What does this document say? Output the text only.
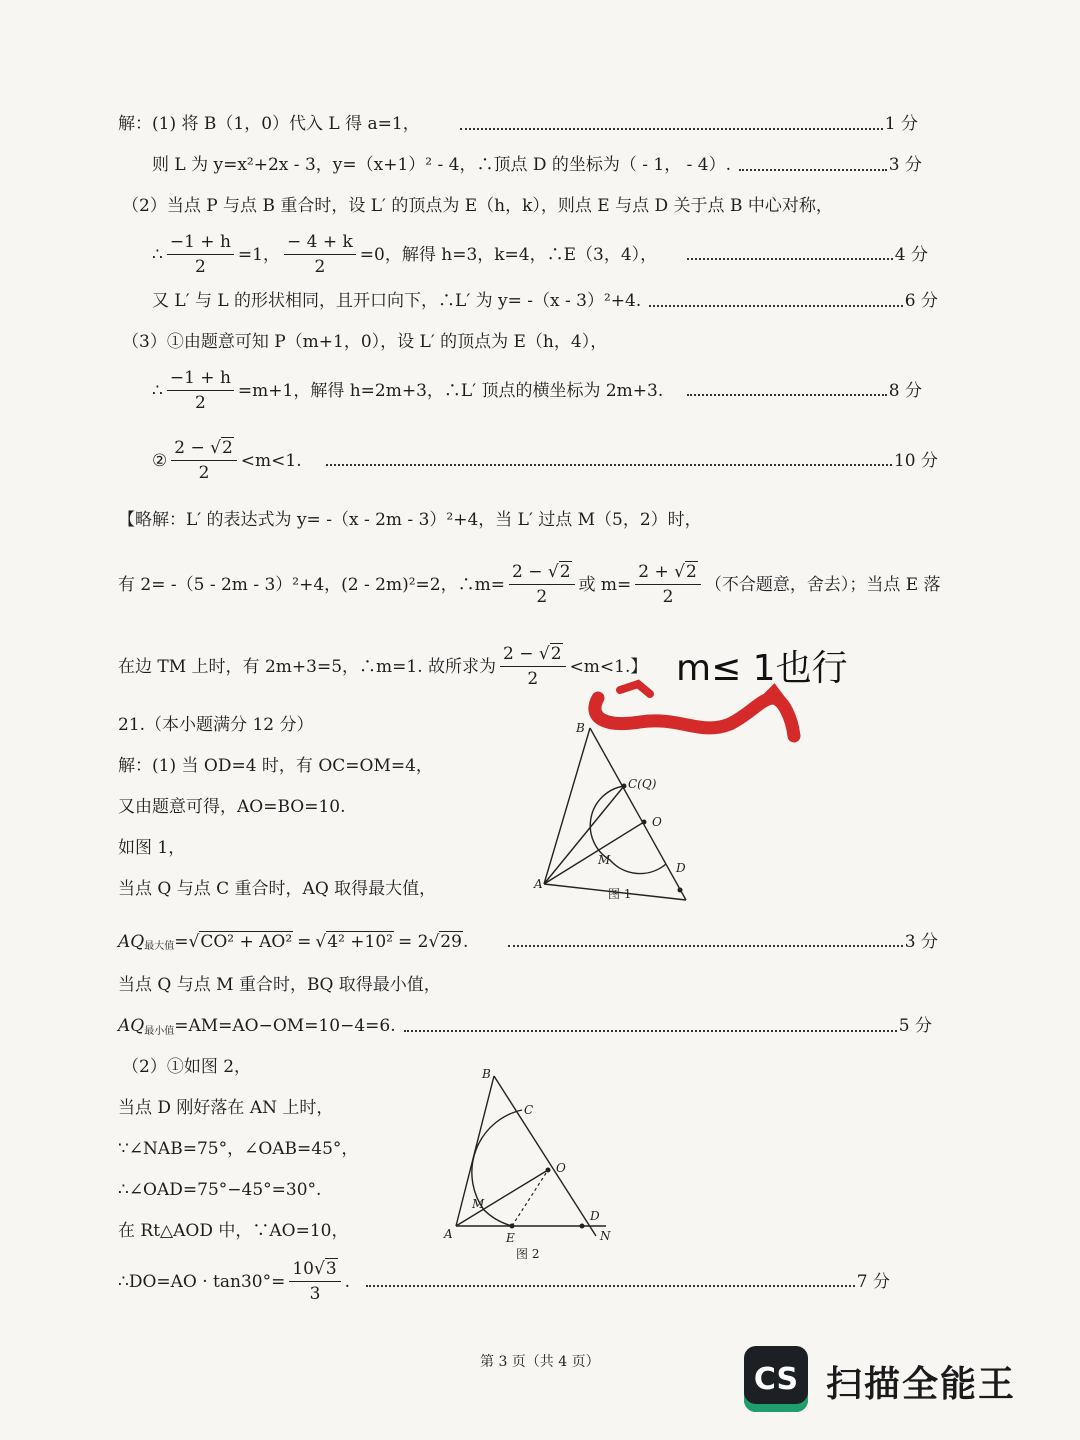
解：(1) 将 B（1，0）代入 L 得 a=1，	1 分
则 L 为 y=x²+2x - 3，y=（x+1）² - 4，∴顶点 D 的坐标为（ - 1， - 4）.	3 分
（2）当点 P 与点 B 重合时，设 L′ 的顶点为 E（h，k），则点 E 与点 D 关于点 B 中心对称，
∴ $\frac{-1 + h}{2} =1$， $\frac{- 4 + k}{2} =0$，解得 h=3，k=4，∴E（3，4），	4 分
又 L′ 与 L 的形状相同，且开口向下，∴L′ 为 y= -（x - 3）²+4.	6 分
（3）①由题意可知 P（m+1，0），设 L′ 的顶点为 E（h，4），
∴ $\frac{-1 + h}{2} =m+1$，解得 h=2m+3，∴L′ 顶点的横坐标为 2m+3.	8 分
② $\frac{2 - √2}{2} <m<1$.	10 分
【略解：L′ 的表达式为 y= -（x - 2m - 3）²+4，当 L′ 过点 M（5，2）时，
有 2= -（5 - 2m - 3）²+4，(2 - 2m)²=2，∴m= $\frac{2 - √2}{2}$ 或 $m= \frac{2 + √2}{2}$ （不合题意，舍去）；当点 E 落
在边 TM 上时，有 2m+3=5，∴m=1. 故所求为 $\frac{2 - √2}{2} <m<1$.】 m≤ 1也行
21.（本小题满分 12 分）
解：(1) 当 OD=4 时，有 OC=OM=4，
又由题意可得，AO=BO=10.
如图 1，
当点 Q 与点 C 重合时，AQ 取得最大值，
B
C(Q)
O
M
D
A
图 1
AQ 最大值 = √CO² + AO² = √4² +10² = 2 √29 .	3 分
当点 Q 与点 M 重合时，BQ 取得最小值，
AQ 最小值 =AM=AO−OM=10−4=6.	5 分
（2）①如图 2，
当点 D 刚好落在 AN 上时，
∵∠NAB=75°，∠OAB=45°，
∴∠OAD=75°−45°=30°.
在 Rt△AOD 中，∵AO=10，
B
C
O
M
A	E
D
N
图 2
∴DO=AO · $\tan 30^\circ= \frac{10√3}{3}$ .	7 分
第 3 页（共 4 页）	CS 扫描全能王
